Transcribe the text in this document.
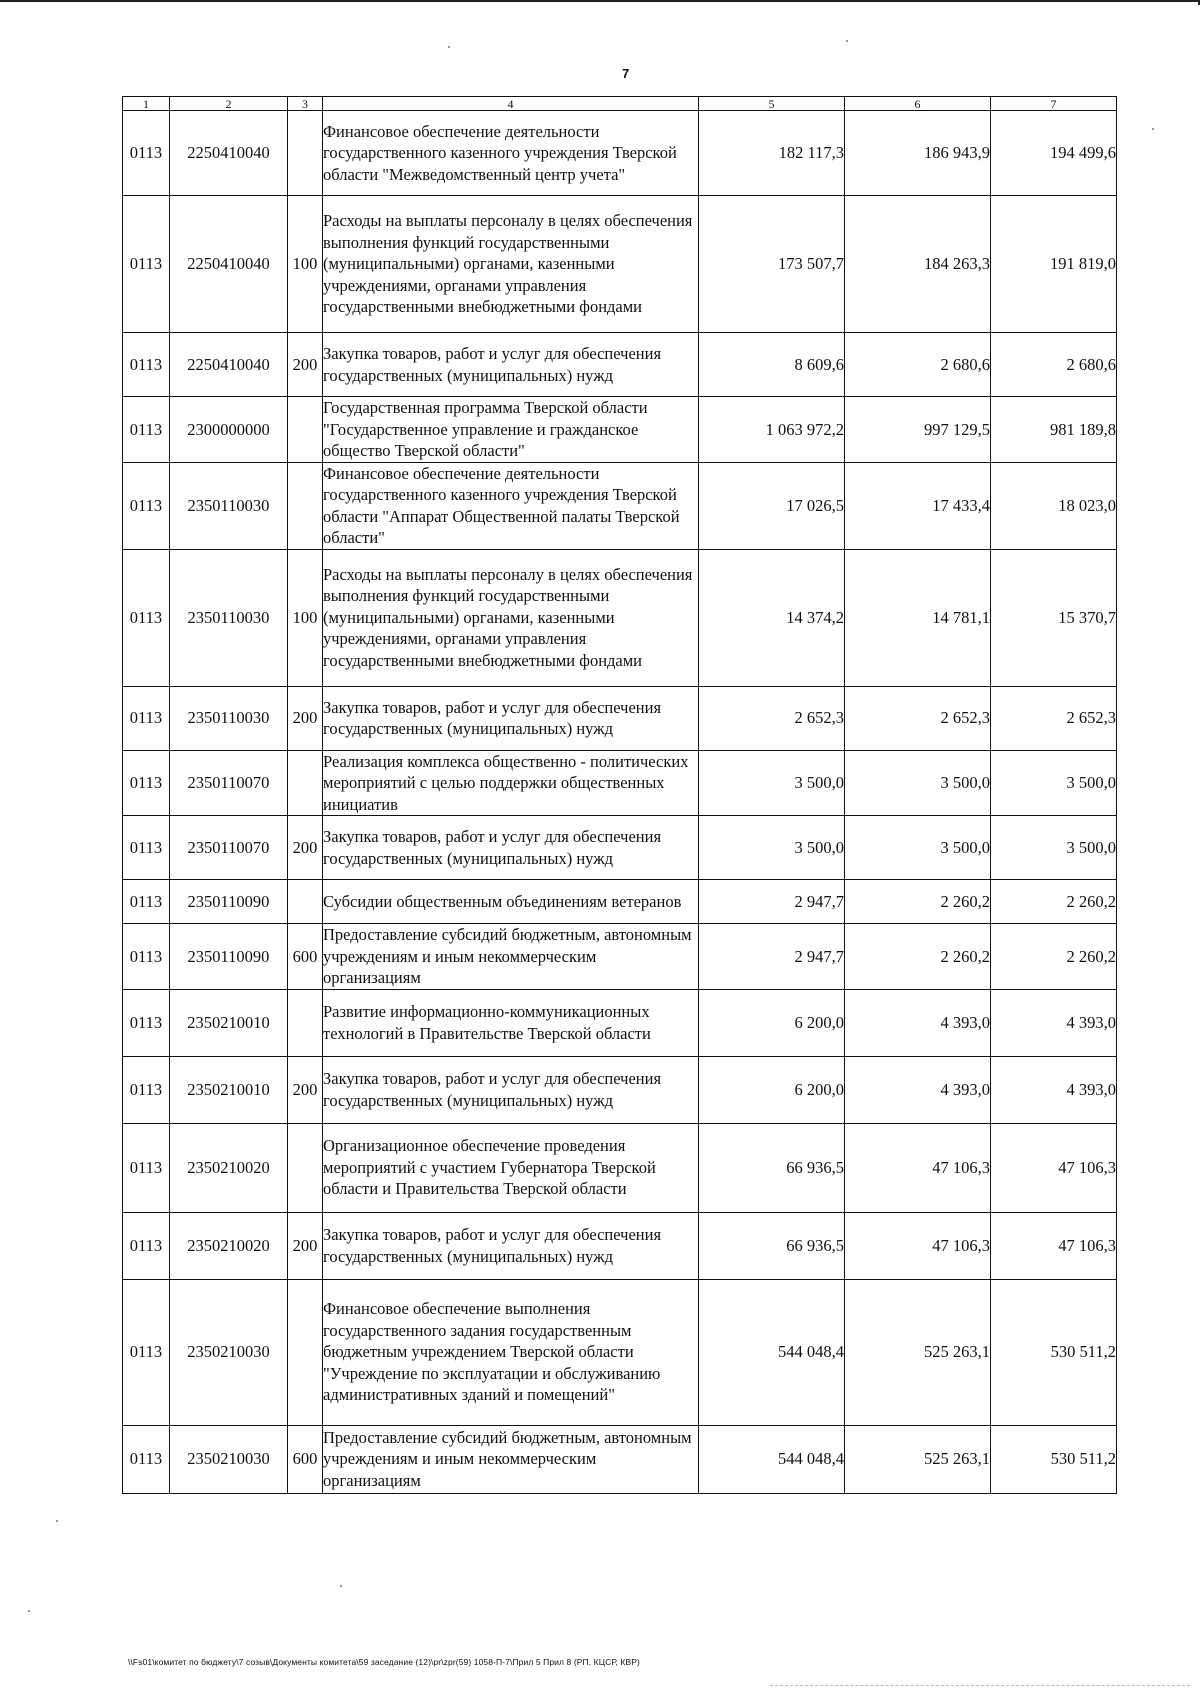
7
1	2	3	4	5	6	7
0113	2250410040		Финансовое обеспечение деятельности государственного казенного учреждения Тверской области "Межведомственный центр учета"	182 117,3	186 943,9	194 499,6
0113	2250410040	100	Расходы на выплаты персоналу в целях обеспечения выполнения функций государственными (муниципальными) органами, казенными учреждениями, органами управления государственными внебюджетными фондами	173 507,7	184 263,3	191 819,0
0113	2250410040	200	Закупка товаров, работ и услуг для обеспечения государственных (муниципальных) нужд	8 609,6	2 680,6	2 680,6
0113	2300000000		Государственная программа Тверской области "Государственное управление и гражданское общество Тверской области"	1 063 972,2	997 129,5	981 189,8
0113	2350110030		Финансовое обеспечение деятельности государственного казенного учреждения Тверской области "Аппарат Общественной палаты Тверской области"	17 026,5	17 433,4	18 023,0
0113	2350110030	100	Расходы на выплаты персоналу в целях обеспечения выполнения функций государственными (муниципальными) органами, казенными учреждениями, органами управления государственными внебюджетными фондами	14 374,2	14 781,1	15 370,7
0113	2350110030	200	Закупка товаров, работ и услуг для обеспечения государственных (муниципальных) нужд	2 652,3	2 652,3	2 652,3
0113	2350110070		Реализация комплекса общественно - политических мероприятий с целью поддержки общественных инициатив	3 500,0	3 500,0	3 500,0
0113	2350110070	200	Закупка товаров, работ и услуг для обеспечения государственных (муниципальных) нужд	3 500,0	3 500,0	3 500,0
0113	2350110090		Субсидии общественным объединениям ветеранов	2 947,7	2 260,2	2 260,2
0113	2350110090	600	Предоставление субсидий бюджетным, автономным учреждениям и иным некоммерческим организациям	2 947,7	2 260,2	2 260,2
0113	2350210010		Развитие информационно-коммуникационных технологий в Правительстве Тверской области	6 200,0	4 393,0	4 393,0
0113	2350210010	200	Закупка товаров, работ и услуг для обеспечения государственных (муниципальных) нужд	6 200,0	4 393,0	4 393,0
0113	2350210020		Организационное обеспечение проведения мероприятий с участием Губернатора Тверской области и Правительства Тверской области	66 936,5	47 106,3	47 106,3
0113	2350210020	200	Закупка товаров, работ и услуг для обеспечения государственных (муниципальных) нужд	66 936,5	47 106,3	47 106,3
0113	2350210030		Финансовое обеспечение выполнения государственного задания государственным бюджетным учреждением Тверской области "Учреждение по эксплуатации и обслуживанию административных зданий и помещений"	544 048,4	525 263,1	530 511,2
0113	2350210030	600	Предоставление субсидий бюджетным, автономным учреждениям и иным некоммерческим организациям	544 048,4	525 263,1	530 511,2
\\Fs01\комитет по бюджету\7 созыв\Документы комитета\59 заседание (12)\pr\zpr(59) 1058-П-7\Прил 5 Прил 8 (РП, КЦСР, КВР)
